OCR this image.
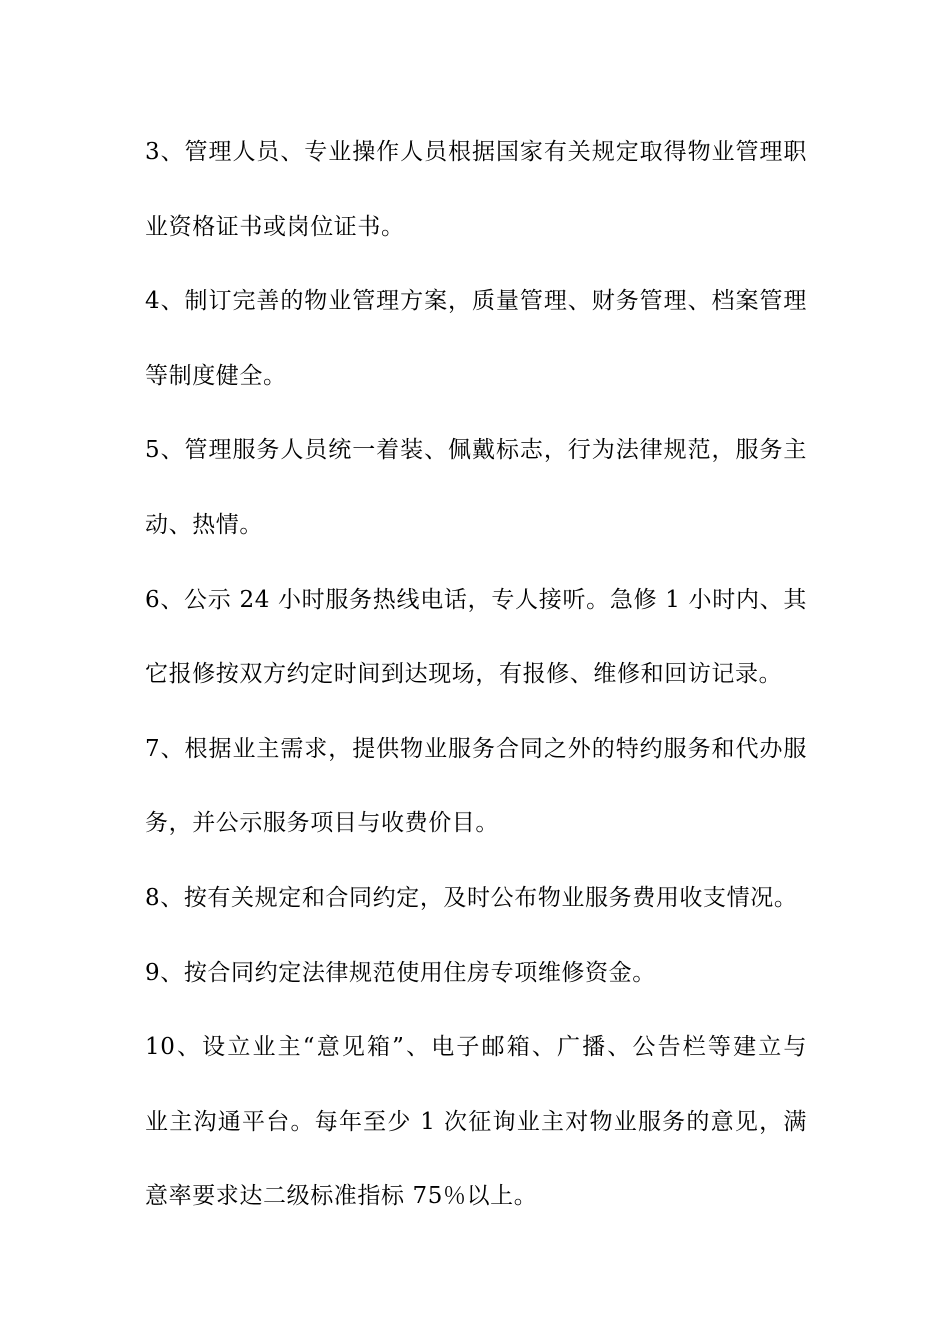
3、管理人员、专业操作人员根据国家有关规定取得物业管理职
业资格证书或岗位证书。
4、制订完善的物业管理方案，质量管理、财务管理、档案管理
等制度健全。
5、管理服务人员统一着装、佩戴标志，行为法律规范，服务主
动、热情。
6、公示 24 小时服务热线电话，专人接听。急修 1 小时内、其
它报修按双方约定时间到达现场，有报修、维修和回访记录。
7、根据业主需求，提供物业服务合同之外的特约服务和代办服
务，并公示服务项目与收费价目。
8、按有关规定和合同约定，及时公布物业服务费用收支情况。
9、按合同约定法律规范使用住房专项维修资金。
10、设立业主“意见箱”、电子邮箱、广播、公告栏等建立与
业主沟通平台。每年至少 1 次征询业主对物业服务的意见，满
意率要求达二级标准指标 75％以上。
